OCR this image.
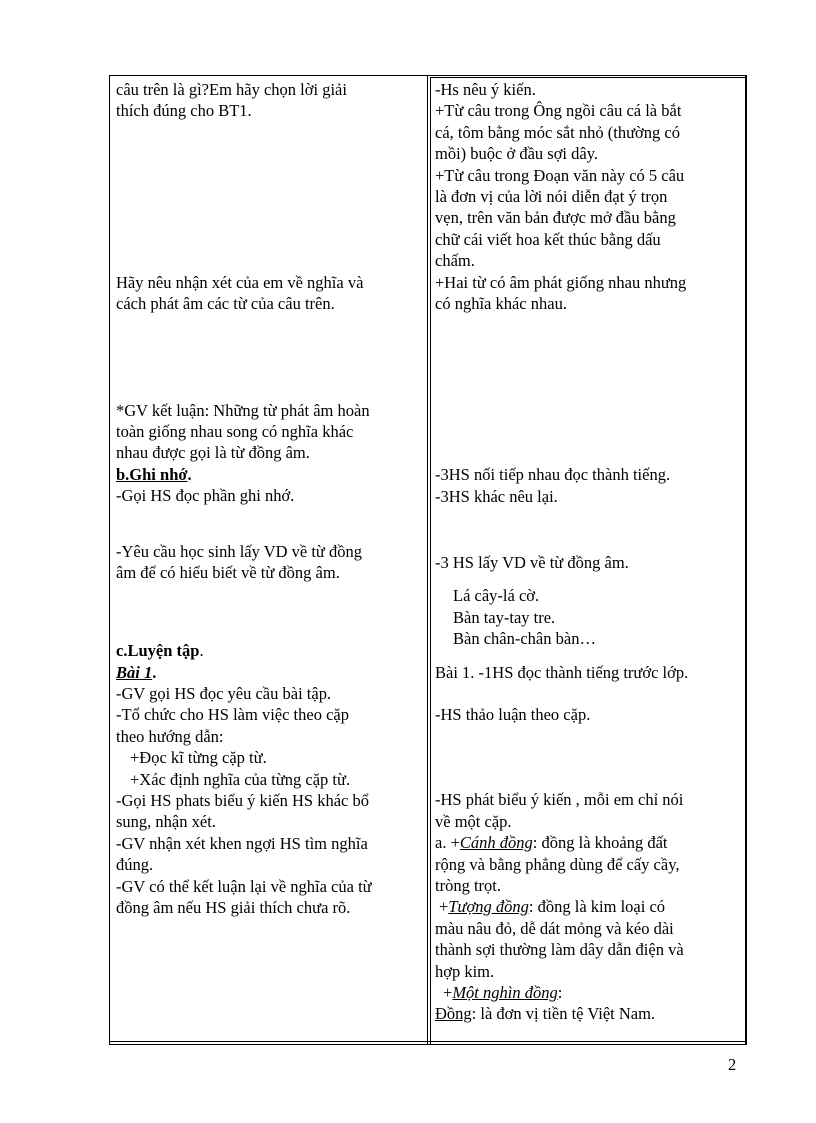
câu trên là gì?Em hãy chọn lời giải
thích đúng cho BT1.
Hãy nêu nhận xét của em về nghĩa và
cách phát âm các từ của câu trên.
*GV kết luận: Những từ phát âm hoàn
toàn giống nhau song có nghĩa khác
nhau được gọi là từ đồng âm.
b.Ghi nhớ.
-Gọi HS đọc phần ghi nhớ.
-Yêu cầu học sinh lấy VD về từ đồng
âm để có hiểu biết về từ đồng âm.
c.Luyện tập.
Bài 1.
-GV gọi HS đọc yêu cầu bài tập.
-Tổ chức cho HS làm việc theo cặp
theo hướng dẫn:
+Đọc kĩ từng cặp từ.
+Xác định nghĩa của từng cặp từ.
-Gọi HS phats biểu ý kiến HS khác bổ
sung, nhận xét.
-GV nhận xét khen ngợi HS tìm nghĩa
đúng.
-GV có thể kết luận lại về nghĩa của từ
đồng âm nếu HS giải thích chưa rõ.
-Hs nêu ý kiến.
+Từ câu trong Ông ngồi câu cá là bắt
cá, tôm bằng móc sắt nhỏ (thường có
mồi) buộc ở đầu sợi dây.
+Từ câu trong Đoạn văn này có 5 câu
là đơn vị của lời nói diễn đạt ý trọn
vẹn, trên văn bản được mở đầu bằng
chữ cái viết hoa kết thúc bằng dấu
chấm.
+Hai từ có âm phát giống nhau nhưng
có nghĩa khác nhau.
-3HS nối tiếp nhau đọc thành tiếng.
-3HS khác nêu lại.
-3 HS lấy VD về từ đồng âm.
Lá cây-lá cờ.
Bàn tay-tay tre.
Bàn chân-chân bàn…
Bài 1. -1HS đọc thành tiếng trước lớp.
-HS thảo luận theo cặp.
-HS phát biểu ý kiến , mỗi em chỉ nói
về một cặp.
a. +Cánh đồng: đồng là khoảng đất
rộng và bằng phẳng dùng để cấy cầy,
tròng trọt.
+Tượng đồng: đồng là kim loại có
màu nâu đỏ, dễ dát mỏng và kéo dài
thành sợi thường làm dây dẫn điện và
hợp kim.
+Một nghìn đồng:
Đồng: là đơn vị tiền tệ Việt Nam.
2
